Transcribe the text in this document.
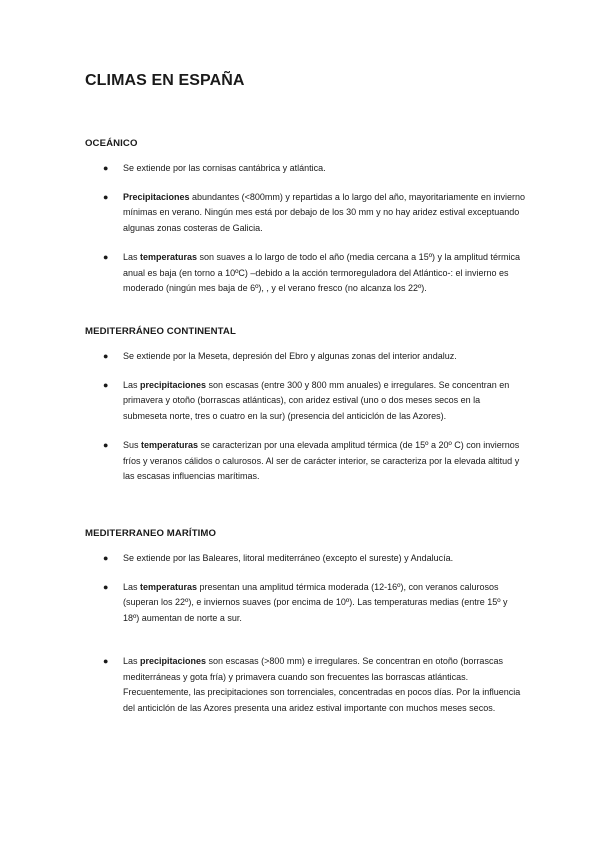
CLIMAS EN ESPAÑA
OCEÁNICO
● Se extiende por las cornisas cantábrica y atlántica.
● Precipitaciones abundantes (<800mm) y repartidas a lo largo del año, mayoritariamente en invierno mínimas en verano. Ningún mes está por debajo de los 30 mm y no hay aridez estival exceptuando algunas zonas costeras de Galicia.
● Las temperaturas son suaves a lo largo de todo el año (media cercana a 15º) y la amplitud térmica anual es baja (en torno a 10ºC) –debido a la acción termoreguladora del Atlántico-: el invierno es moderado (ningún mes baja de 6º), , y el verano fresco (no alcanza los 22º).
MEDITERRÁNEO CONTINENTAL
● Se extiende por la Meseta, depresión del Ebro y algunas zonas del interior andaluz.
● Las precipitaciones son escasas (entre 300 y 800 mm anuales) e irregulares. Se concentran en primavera y otoño (borrascas atlánticas), con aridez estival (uno o dos meses secos en la submeseta norte, tres o cuatro en la sur) (presencia del anticiclón de las Azores).
● Sus temperaturas se caracterizan por una elevada amplitud térmica (de 15º a 20º C) con inviernos fríos y veranos cálidos o calurosos. Al ser de carácter interior, se caracteriza por la elevada altitud y las escasas influencias marítimas.
MEDITERRANEO MARÍTIMO
● Se extiende por las Baleares, litoral mediterráneo (excepto el sureste) y Andalucía.
● Las temperaturas presentan una amplitud térmica moderada (12-16º), con veranos calurosos (superan los 22º), e inviernos suaves (por encima de 10º). Las temperaturas medias (entre 15º y 18º) aumentan de norte a sur.
● Las precipitaciones son escasas (>800 mm) e irregulares. Se concentran en otoño (borrascas mediterráneas y gota fría) y primavera cuando son frecuentes las borrascas atlánticas. Frecuentemente, las precipitaciones son torrenciales, concentradas en pocos días. Por la influencia del anticiclón de las Azores presenta una aridez estival importante con muchos meses secos.
